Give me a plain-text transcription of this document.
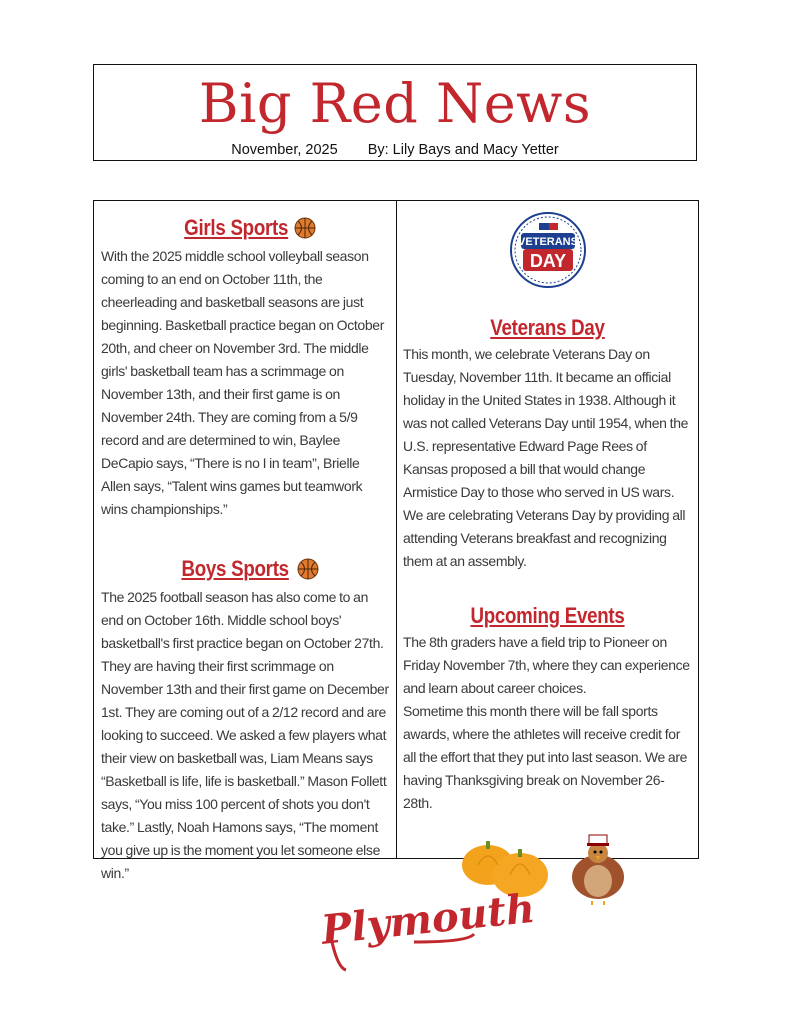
Big Red News
November, 2025 By: Lily Bays and Macy Yetter
Girls Sports

With the 2025 middle school volleyball season coming to an end on October 11th, the cheerleading and basketball seasons are just beginning. Basketball practice began on October 20th, and cheer on November 3rd. The middle girls' basketball team has a scrimmage on November 13th, and their first game is on November 24th. They are coming from a 5/9 record and are determined to win, Baylee DeCapio says, “There is no I in team”, Brielle Allen says, “Talent wins games but teamwork wins championships.”

Boys Sports

The 2025 football season has also come to an end on October 16th. Middle school boys' basketball's first practice began on October 27th. They are having their first scrimmage on November 13th and their first game on December 1st. They are coming out of a 2/12 record and are looking to succeed. We asked a few players what their view on basketball was, Liam Means says “Basketball is life, life is basketball.” Mason Follett says, “You miss 100 percent of shots you don't take.” Lastly, Noah Hamons says, “The moment you give up is the moment you let someone else win.”

VETERANS
DAY
Veterans Day

This month, we celebrate Veterans Day on Tuesday, November 11th. It became an official holiday in the United States in 1938. Although it was not called Veterans Day until 1954, when the U.S. representative Edward Page Rees of Kansas proposed a bill that would change Armistice Day to those who served in US wars. We are celebrating Veterans Day by providing all attending Veterans breakfast and recognizing them at an assembly.

Upcoming Events

The 8th graders have a field trip to Pioneer on Friday November 7th, where they can experience and learn about career choices.

Sometime this month there will be fall sports awards, where the athletes will receive credit for all the effort that they put into last season. We are having Thanksgiving break on November 26-28th.

Plymouth
